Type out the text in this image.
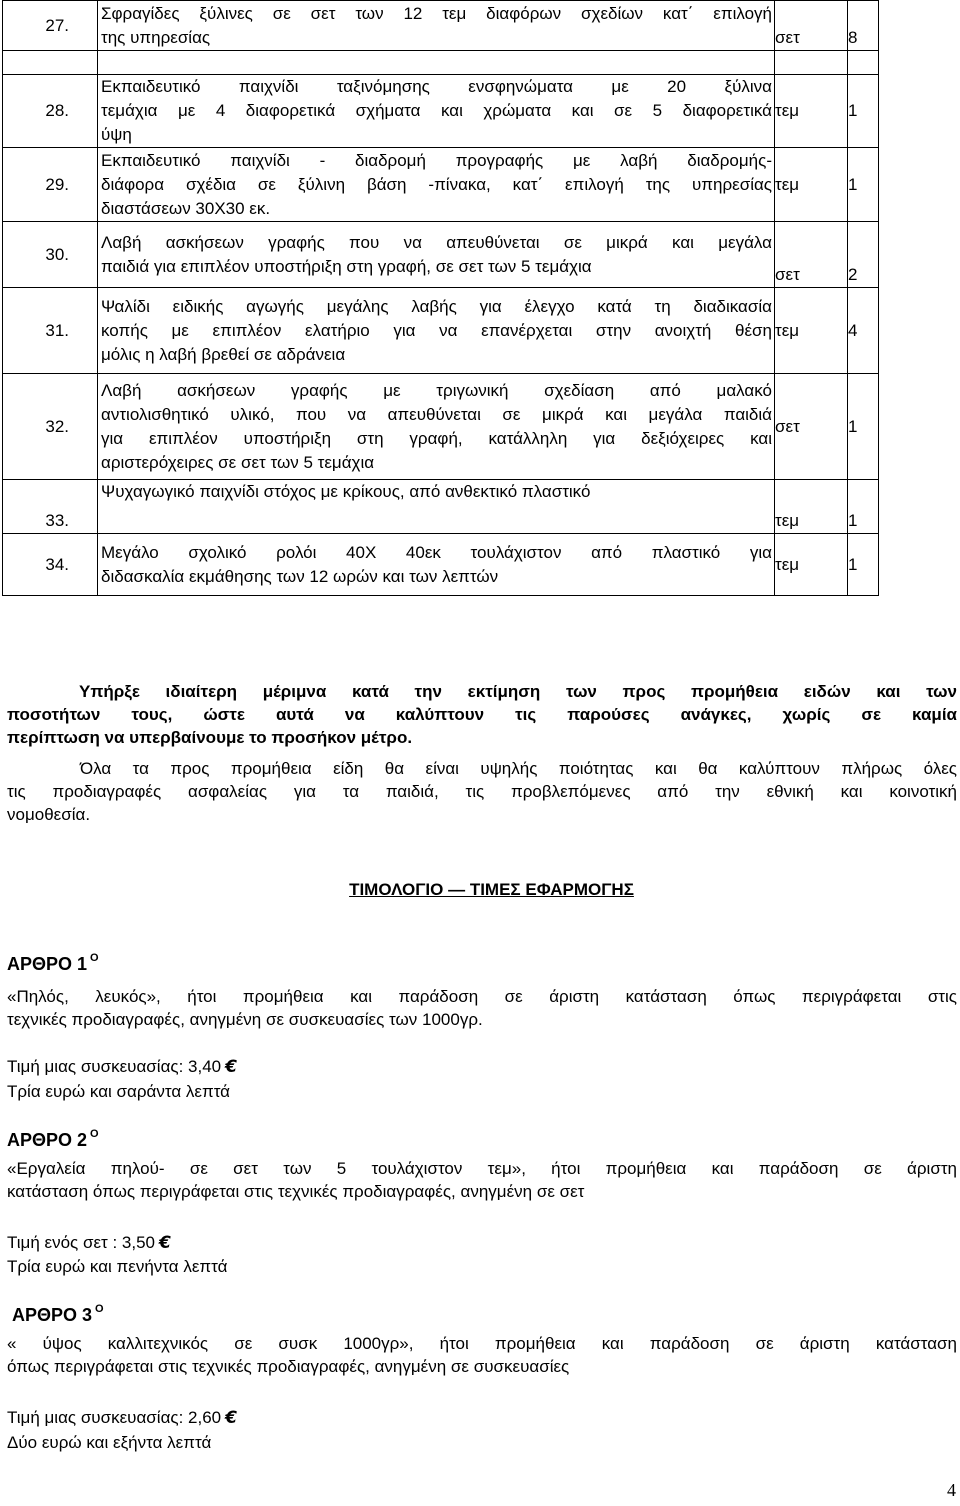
27.	Σφραγίδες ξύλινες σε σετ των 12 τεμ διαφόρων σχεδίων κατ΄ επιλογή
της υπηρεσίας	σετ	8

28.	Εκπαιδευτικό παιχνίδι ταξινόμησης ενσφηνώματα με 20 ξύλινα
τεμάχια με 4 διαφορετικά σχήματα και χρώματα και σε 5 διαφορετικά
ύψη	τεμ	1
29.	Εκπαιδευτικό παιχνίδι - διαδρομή προγραφής με λαβή διαδρομής-
διάφορα σχέδια σε ξύλινη βάση -πίνακα, κατ΄ επιλογή της υπηρεσίας
διαστάσεων 30Χ30 εκ.	τεμ	1
30.	Λαβή ασκήσεων γραφής που να απευθύνεται σε μικρά και μεγάλα
παιδιά για επιπλέον υποστήριξη στη γραφή, σε σετ των 5 τεμάχια	σετ	2
31.	Ψαλίδι ειδικής αγωγής μεγάλης λαβής για έλεγχο κατά τη διαδικασία
κοπής με επιπλέον ελατήριο για να επανέρχεται στην ανοιχτή θέση
μόλις η λαβή βρεθεί σε αδράνεια	τεμ	4
32.	Λαβή ασκήσεων γραφής με τριγωνική σχεδίαση από μαλακό
αντιολισθητικό υλικό, που να απευθύνεται σε μικρά και μεγάλα παιδιά
για επιπλέον υποστήριξη στη γραφή, κατάλληλη για δεξιόχειρες και
αριστερόχειρες σε σετ των 5 τεμάχια	σετ	1
33.	Ψυχαγωγικό παιχνίδι στόχος με κρίκους, από ανθεκτικό πλαστικό	τεμ	1
34.	Μεγάλο σχολικό ρολόι 40Χ 40εκ τουλάχιστον από πλαστικό για
διδασκαλία εκμάθησης των 12 ωρών και των λεπτών	τεμ	1
Υπήρξε ιδιαίτερη μέριμνα κατά την εκτίμηση των προς προμήθεια ειδών και των
ποσοτήτων τους, ώστε αυτά να καλύπτουν τις παρούσες ανάγκες, χωρίς σε καμία
περίπτωση να υπερβαίνουμε το προσήκον μέτρο.
Όλα τα προς προμήθεια είδη θα είναι υψηλής ποιότητας και θα καλύπτουν πλήρως όλες
τις προδιαγραφές ασφαλείας για τα παιδιά, τις προβλεπόμενες από την εθνική και κοινοτική
νομοθεσία.
ΤΙΜΟΛΟΓΙΟ — ΤΙΜΕΣ ΕΦΑΡΜΟΓΗΣ
ΑΡΘΡΟ 1 $^O$
«Πηλός, λευκός», ήτοι προμήθεια και παράδοση σε άριστη κατάσταση όπως περιγράφεται στις
τεχνικές προδιαγραφές, ανηγμένη σε συσκευασίες των 1000γρ.
Τιμή μιας συσκευασίας: 3,40 €
Τρία ευρώ και σαράντα λεπτά
ΑΡΘΡΟ 2 $^O$
«Εργαλεία πηλού- σε σετ των 5 τουλάχιστον τεμ», ήτοι προμήθεια και παράδοση σε άριστη
κατάσταση όπως περιγράφεται στις τεχνικές προδιαγραφές, ανηγμένη σε σετ
Τιμή ενός σετ : 3,50 €
Τρία ευρώ και πενήντα λεπτά
ΑΡΘΡΟ 3 $^O$
« ύψος καλλιτεχνικός σε συσκ 1000γρ», ήτοι προμήθεια και παράδοση σε άριστη κατάσταση
όπως περιγράφεται στις τεχνικές προδιαγραφές, ανηγμένη σε συσκευασίες
Τιμή μιας συσκευασίας: 2,60 €
Δύο ευρώ και εξήντα λεπτά
4
